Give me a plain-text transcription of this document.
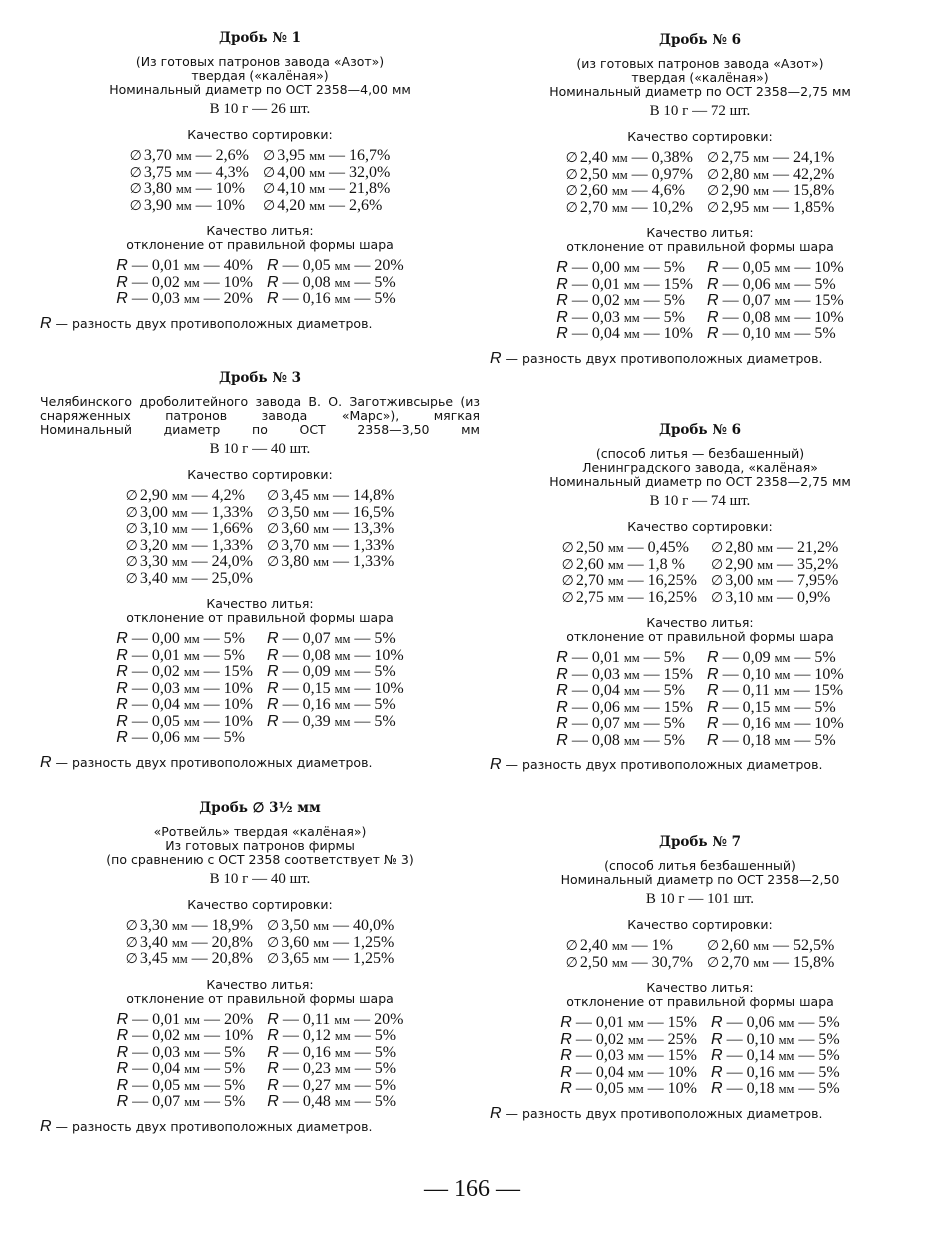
Дробь № 1
(Из готовых патронов завода «Азот»)
твердая («калёная»)
Номинальный диаметр по ОСТ 2358—4,00 мм
В 10 г — 26 шт.
Качество сортировки:
∅ 3,70 мм — 2,6% ∅ 3,95 мм — 16,7%
∅ 3,75 мм — 4,3% ∅ 4,00 мм — 32,0%
∅ 3,80 мм — 10% ∅ 4,10 мм — 21,8%
∅ 3,90 мм — 10% ∅ 4,20 мм — 2,6%
Качество литья:
отклонение от правильной формы шара
R — 0,01 мм — 40% R — 0,05 мм — 20%
R — 0,02 мм — 10% R — 0,08 мм — 5%
R — 0,03 мм — 20% R — 0,16 мм — 5%
R — разность двух противоположных диаметров.
Дробь № 3
Челябинского дроболитейного завода В. О. Заготживсырье (из снаряженных патронов завода «Марс»), мягкая
Номинальный диаметр по ОСТ 2358—3,50 мм
В 10 г — 40 шт.
Качество сортировки:
∅ 2,90 мм — 4,2%	∅ 3,45 мм — 14,8%
∅ 3,00 мм — 1,33% ∅ 3,50 мм — 16,5%
∅ 3,10 мм — 1,66% ∅ 3,60 мм — 13,3%
∅ 3,20 мм — 1,33% ∅ 3,70 мм — 1,33%
∅ 3,30 мм — 24,0% ∅ 3,80 мм — 1,33%
∅ 3,40 мм — 25,0%
Качество литья:
отклонение от правильной формы шара
R — 0,00 мм — 5%	R — 0,07 мм — 5%
R — 0,01 мм — 5%	R — 0,08 мм — 10%
R — 0,02 мм — 15% R — 0,09 мм — 5%
R — 0,03 мм — 10% R — 0,15 мм — 10%
R — 0,04 мм — 10% R — 0,16 мм — 5%
R — 0,05 мм — 10% R — 0,39 мм — 5%
R — 0,06 мм — 5%
R — разность двух противоположных диаметров.
Дробь ∅ 3½ мм
«Ротвейль» твердая «калёная»)
Из готовых патронов фирмы
(по сравнению с ОСТ 2358 соответствует № 3)
В 10 г — 40 шт.
Качество сортировки:
∅ 3,30 мм — 18,9% ∅ 3,50 мм — 40,0%
∅ 3,40 мм — 20,8% ∅ 3,60 мм — 1,25%
∅ 3,45 мм — 20,8% ∅ 3,65 мм — 1,25%
Качество литья:
отклонение от правильной формы шара
R — 0,01 мм — 20% R — 0,11 мм — 20%
R — 0,02 мм — 10% R — 0,12 мм — 5%
R — 0,03 мм — 5%	R — 0,16 мм — 5%
R — 0,04 мм — 5%	R — 0,23 мм — 5%
R — 0,05 мм — 5%	R — 0,27 мм — 5%
R — 0,07 мм — 5%	R — 0,48 мм — 5%
R — разность двух противоположных диаметров.
Дробь № 6
(из готовых патронов завода «Азот»)
твердая («калёная»)
Номинальный диаметр по ОСТ 2358—2,75 мм
В 10 г — 72 шт.
Качество сортировки:
∅ 2,40 мм — 0,38% ∅ 2,75 мм — 24,1%
∅ 2,50 мм — 0,97% ∅ 2,80 мм — 42,2%
∅ 2,60 мм — 4,6%	∅ 2,90 мм — 15,8%
∅ 2,70 мм — 10,2% ∅ 2,95 мм — 1,85%
Качество литья:
отклонение от правильной формы шара
R — 0,00 мм — 5%	R — 0,05 мм — 10%
R — 0,01 мм — 15% R — 0,06 мм — 5%
R — 0,02 мм — 5%	R — 0,07 мм — 15%
R — 0,03 мм — 5%	R — 0,08 мм — 10%
R — 0,04 мм — 10% R — 0,10 мм — 5%
R — разность двух противоположных диаметров.
Дробь № 6
(способ литья — безбашенный)
Ленинградского завода, «калёная»
Номинальный диаметр по ОСТ 2358—2,75 мм
В 10 г — 74 шт.
Качество сортировки:
∅ 2,50 мм — 0,45%	∅ 2,80 мм — 21,2%
∅ 2,60 мм — 1,8 %	∅ 2,90 мм — 35,2%
∅ 2,70 мм — 16,25% ∅ 3,00 мм — 7,95%
∅ 2,75 мм — 16,25% ∅ 3,10 мм — 0,9%
Качество литья:
отклонение от правильной формы шара
R — 0,01 мм — 5%	R — 0,09 мм — 5%
R — 0,03 мм — 15% R — 0,10 мм — 10%
R — 0,04 мм — 5%	R — 0,11 мм — 15%
R — 0,06 мм — 15% R — 0,15 мм — 5%
R — 0,07 мм — 5%	R — 0,16 мм — 10%
R — 0,08 мм — 5%	R — 0,18 мм — 5%
R — разность двух противоположных диаметров.
Дробь № 7
(способ литья безбашенный)
Номинальный диаметр по ОСТ 2358—2,50
В 10 г — 101 шт.
Качество сортировки:
∅ 2,40 мм — 1%	∅ 2,60 мм — 52,5%
∅ 2,50 мм — 30,7% ∅ 2,70 мм — 15,8%
Качество литья:
отклонение от правильной формы шара
R — 0,01 мм — 15% R — 0,06 мм — 5%
R — 0,02 мм — 25% R — 0,10 мм — 5%
R — 0,03 мм — 15% R — 0,14 мм — 5%
R — 0,04 мм — 10% R — 0,16 мм — 5%
R — 0,05 мм — 10% R — 0,18 мм — 5%
R — разность двух противоположных диаметров.
— 166 —
